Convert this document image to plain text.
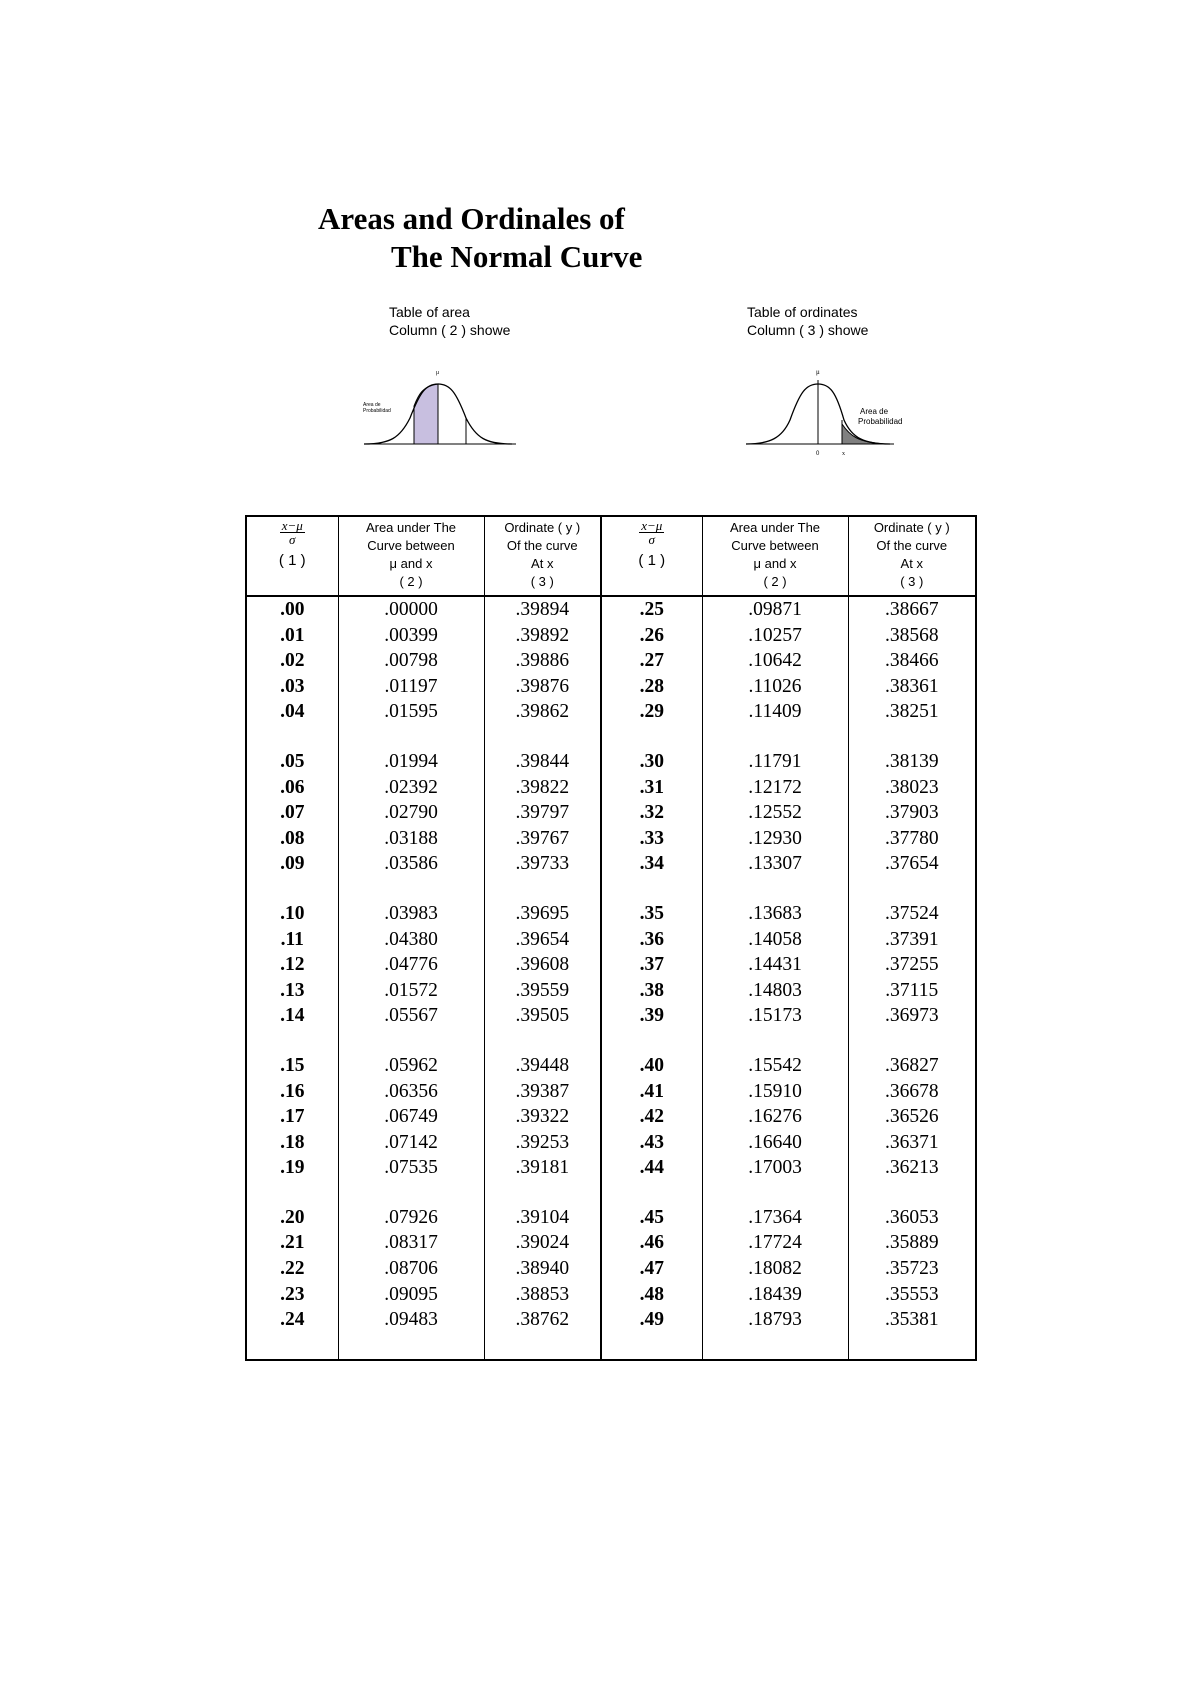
Areas and Ordinales of
The Normal Curve
Table of area
Column ( 2 ) showe
Table of ordinates
Column ( 3 ) showe
μ
Area de
Probabilidad
μ
0	x
Area de
Probabilidad
$\frac{x-\mu}{\sigma}$
( 1 )	Area under The
Curve between
μ and x
( 2 )	Ordinate ( y )
Of the curve
At x
( 3 )	$\frac{x-\mu}{\sigma}$
( 1 )	Area under The
Curve between
μ and x
( 2 )	Ordinate ( y )
Of the curve
At x
( 3 )

.00	.00000	.39894	.25	.09871	.38667
.01	.00399	.39892	.26	.10257	.38568
.02	.00798	.39886	.27	.10642	.38466
.03	.01197	.39876	.28	.11026	.38361
.04	.01595	.39862	.29	.11409	.38251

.05	.01994	.39844	.30	.11791	.38139
.06	.02392	.39822	.31	.12172	.38023
.07	.02790	.39797	.32	.12552	.37903
.08	.03188	.39767	.33	.12930	.37780
.09	.03586	.39733	.34	.13307	.37654

.10	.03983	.39695	.35	.13683	.37524
.11	.04380	.39654	.36	.14058	.37391
.12	.04776	.39608	.37	.14431	.37255
.13	.01572	.39559	.38	.14803	.37115
.14	.05567	.39505	.39	.15173	.36973

.15	.05962	.39448	.40	.15542	.36827
.16	.06356	.39387	.41	.15910	.36678
.17	.06749	.39322	.42	.16276	.36526
.18	.07142	.39253	.43	.16640	.36371
.19	.07535	.39181	.44	.17003	.36213

.20	.07926	.39104	.45	.17364	.36053
.21	.08317	.39024	.46	.17724	.35889
.22	.08706	.38940	.47	.18082	.35723
.23	.09095	.38853	.48	.18439	.35553
.24	.09483	.38762	.49	.18793	.35381
